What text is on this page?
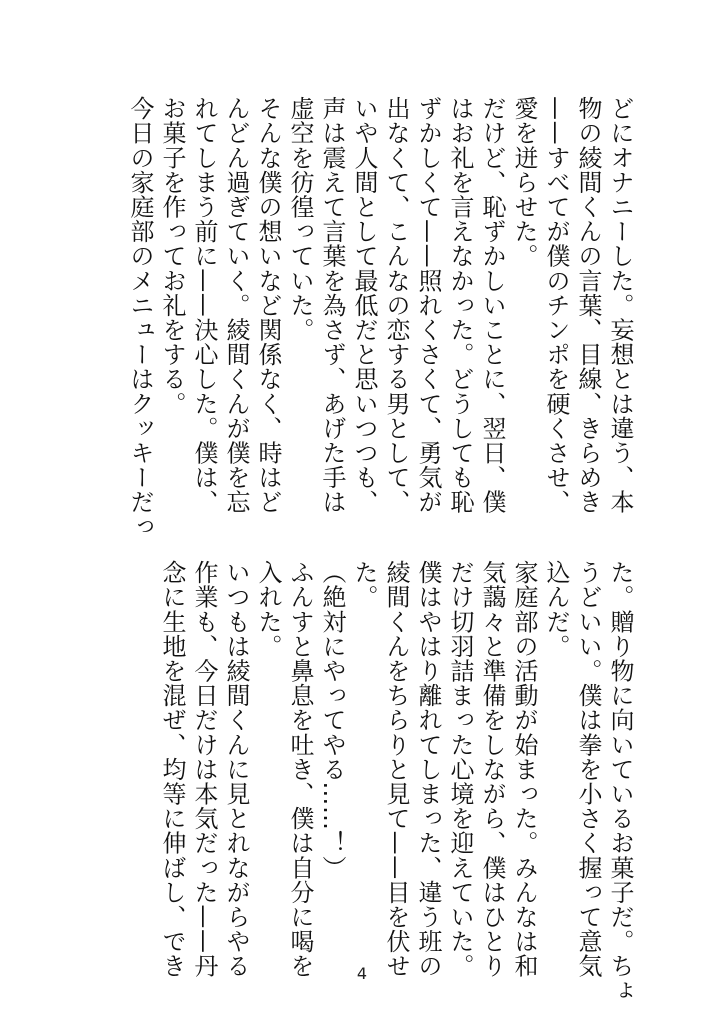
どにオナニーした。妄想とは違う、本
物の綾間くんの言葉、目線、きらめき
——すべてが僕のチンポを硬くさせ、
愛を迸らせた。
だけど、恥ずかしいことに、翌日、僕
はお礼を言えなかった。どうしても恥
ずかしくて——照れくさくて、勇気が
出なくて、こんなの恋する男として、
いや人間として最低だと思いつつも、
声は震えて言葉を為さず、あげた手は
虚空を彷徨っていた。
そんな僕の想いなど関係なく、時はど
んどん過ぎていく。綾間くんが僕を忘
れてしまう前に——決心した。僕は、
お菓子を作ってお礼をする。
今日の家庭部のメニューはクッキーだっ
た。贈り物に向いているお菓子だ。ちょ
うどいい。僕は拳を小さく握って意気
込んだ。
家庭部の活動が始まった。みんなは和
気藹々と準備をしながら、僕はひとり
だけ切羽詰まった心境を迎えていた。
僕はやはり離れてしまった、違う班の
綾間くんをちらりと見て——目を伏せ
た。
（絶対にやってやる……！）
ふんすと鼻息を吐き、僕は自分に喝を
入れた。
いつもは綾間くんに見とれながらやる
作業も、今日だけは本気だった——丹
念に生地を混ぜ、均等に伸ばし、でき	4
